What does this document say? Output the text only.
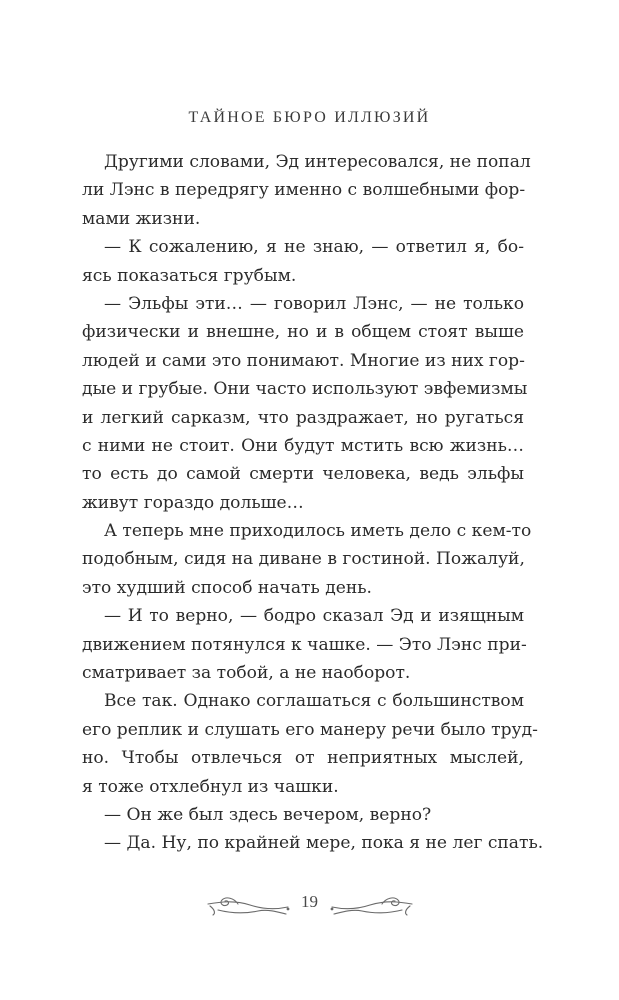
ТАЙНОЕ БЮРО ИЛЛЮЗИЙ
Другими словами, Эд интересовался, не попал
ли Лэнс в передрягу именно с волшебными фор-
мами жизни.
— К сожалению, я не знаю, — ответил я, бо-
ясь показаться грубым.
— Эльфы эти… — говорил Лэнс, — не только
физически и внешне, но и в общем стоят выше
людей и сами это понимают. Многие из них гор-
дые и грубые. Они часто используют эвфемизмы
и легкий сарказм, что раздражает, но ругаться
с ними не стоит. Они будут мстить всю жизнь…
то есть до самой смерти человека, ведь эльфы
живут гораздо дольше…
А теперь мне приходилось иметь дело с кем-то
подобным, сидя на диване в гостиной. Пожалуй,
это худший способ начать день.
— И то верно, — бодро сказал Эд и изящным
движением потянулся к чашке. — Это Лэнс при-
сматривает за тобой, а не наоборот.
Все так. Однако соглашаться с большинством
его реплик и слушать его манеру речи было труд-
но. Чтобы отвлечься от неприятных мыслей,
я тоже отхлебнул из чашки.
— Он же был здесь вечером, верно?
— Да. Ну, по крайней мере, пока я не лег спать.
19
